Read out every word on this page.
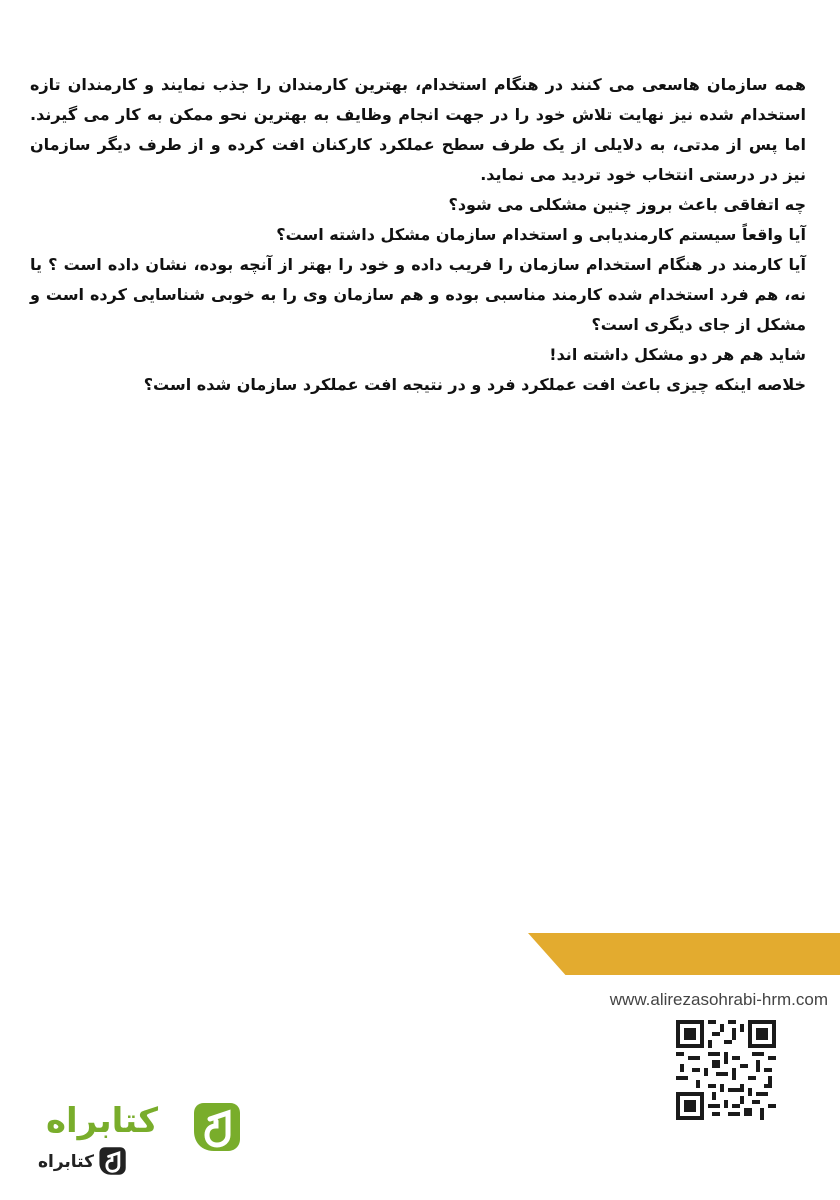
همه سازمان هاسعی می کنند در هنگام استخدام، بهترین کارمندان را جذب نمایند و کارمندان تازه استخدام شده نیز نهایت تلاش خود را در جهت انجام وظایف به بهترین نحو ممکن به کار می گیرند. اما پس از مدتی، به دلایلی از یک طرف سطح عملکرد کارکنان افت کرده و از طرف دیگر سازمان نیز در درستی انتخاب خود تردید می نماید.

چه اتفاقی باعث بروز چنین مشکلی می شود؟

آیا واقعاً سیستم کارمندیابی و استخدام سازمان مشکل داشته است؟

آیا کارمند در هنگام استخدام سازمان را فریب داده و خود را بهتر از آنچه بوده، نشان داده است ؟ یا نه، هم فرد استخدام شده کارمند مناسبی بوده و هم سازمان وی را به خوبی شناسایی کرده است و مشکل از جای دیگری است؟

شاید هم هر دو مشکل داشته اند!

خلاصه اینکه چیزی باعث افت عملکرد فرد و در نتیجه افت عملکرد سازمان شده است؟

www.alirezasohrabi-hrm.com
کتابراه
کتابراه
